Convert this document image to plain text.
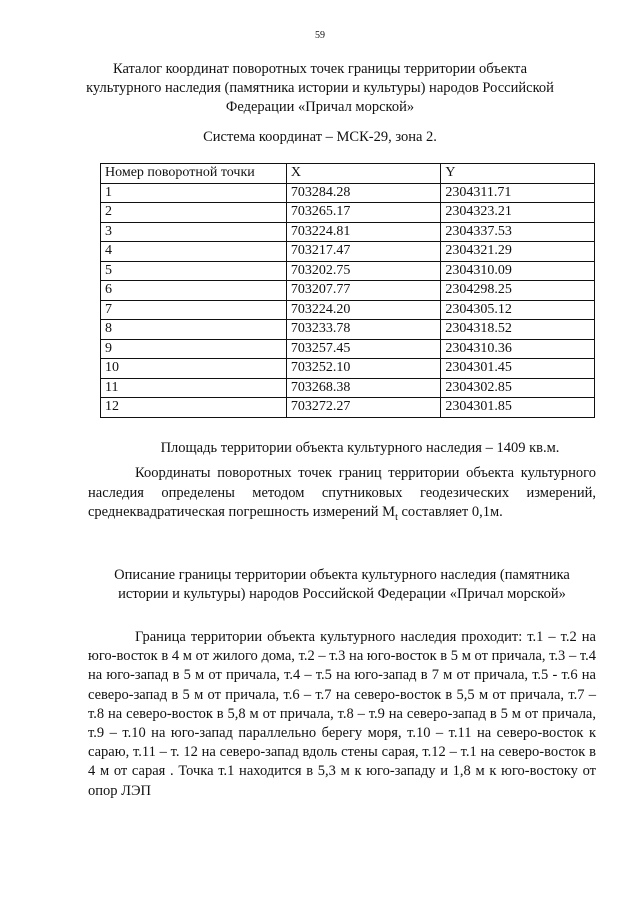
59
Каталог координат поворотных точек границы территории объекта культурного наследия (памятника истории и культуры) народов Российской Федерации «Причал морской»
Система координат – МСК-29, зона 2.
Номер поворотной точки	X	Y
1	703284.28	2304311.71
2	703265.17	2304323.21
3	703224.81	2304337.53
4	703217.47	2304321.29
5	703202.75	2304310.09
6	703207.77	2304298.25
7	703224.20	2304305.12
8	703233.78	2304318.52
9	703257.45	2304310.36
10	703252.10	2304301.45
11	703268.38	2304302.85
12	703272.27	2304301.85
Площадь территории объекта культурного наследия – 1409 кв.м.
Координаты поворотных точек границ территории объекта культурного наследия определены методом спутниковых геодезических измерений, среднеквадратическая погрешность измерений $M_t$ составляет 0,1м.
Описание границы территории объекта культурного наследия (памятника истории и культуры) народов Российской Федерации «Причал морской»
Граница территории объекта культурного наследия проходит: т.1 – т.2 на юго-восток в 4 м от жилого дома, т.2 – т.3 на юго-восток в 5 м от причала, т.3 – т.4 на юго-запад в 5 м от причала, т.4 – т.5 на юго-запад в 7 м от причала, т.5 - т.6 на северо-запад в 5 м от причала, т.6 – т.7 на северо-восток в 5,5 м от причала, т.7 – т.8 на северо-восток в 5,8 м от причала, т.8 – т.9 на северо-запад в 5 м от причала, т.9 – т.10 на юго-запад параллельно берегу моря, т.10 – т.11 на северо-восток к сараю, т.11 – т. 12 на северо-запад вдоль стены сарая, т.12 – т.1 на северо-восток в 4 м от сарая . Точка т.1 находится в 5,3 м к юго-западу и 1,8 м к юго-востоку от опор ЛЭП
